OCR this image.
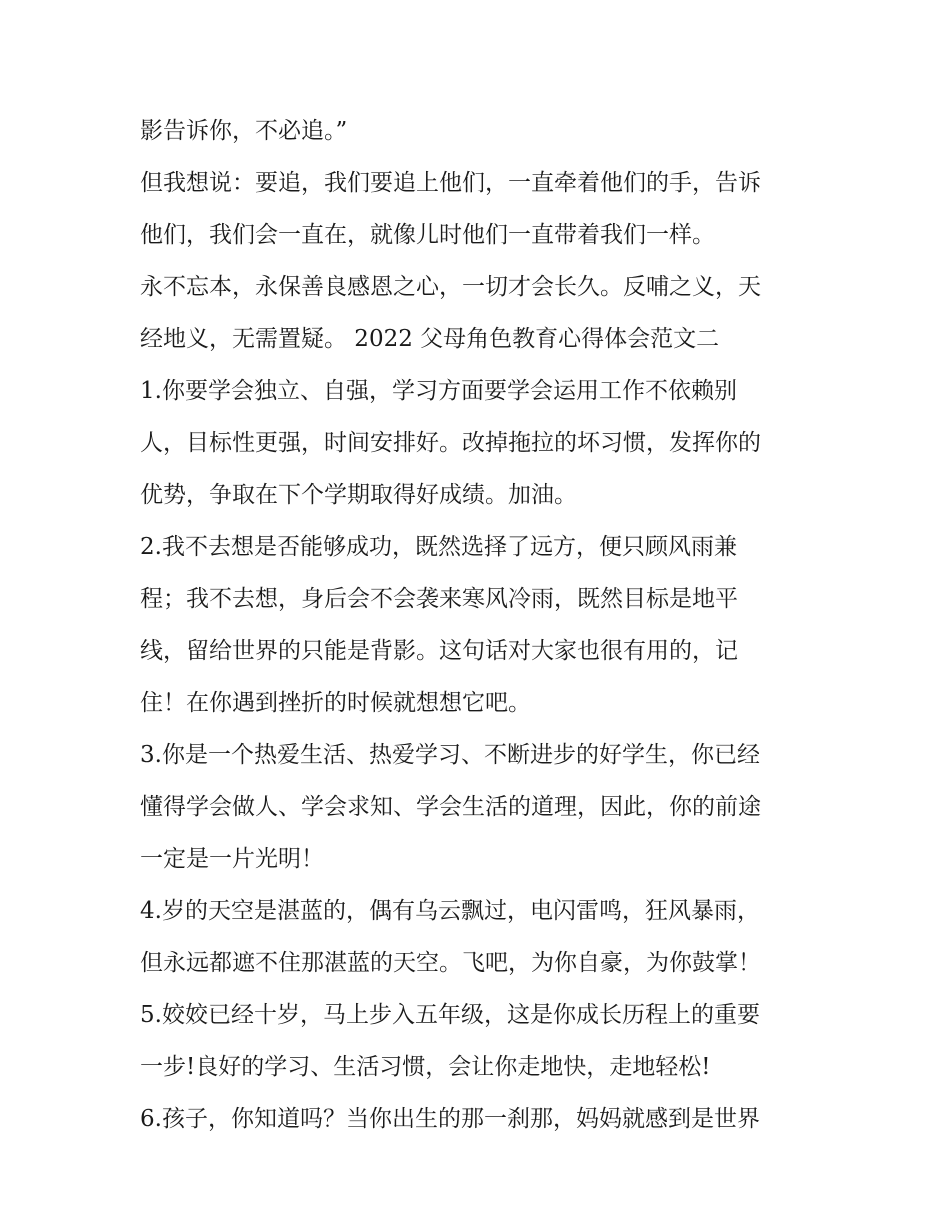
影告诉你，不必追。”
但我想说：要追，我们要追上他们，一直牵着他们的手，告诉
他们，我们会一直在，就像儿时他们一直带着我们一样。
永不忘本，永保善良感恩之心，一切才会长久。反哺之义，天
经地义，无需置疑。 2022 父母角色教育心得体会范文二
1.你要学会独立、自强，学习方面要学会运用工作不依赖别
人，目标性更强，时间安排好。改掉拖拉的坏习惯，发挥你的
优势，争取在下个学期取得好成绩。加油。
2.我不去想是否能够成功，既然选择了远方，便只顾风雨兼
程；我不去想，身后会不会袭来寒风冷雨，既然目标是地平
线，留给世界的只能是背影。这句话对大家也很有用的，记
住！在你遇到挫折的时候就想想它吧。
3.你是一个热爱生活、热爱学习、不断进步的好学生，你已经
懂得学会做人、学会求知、学会生活的道理，因此，你的前途
一定是一片光明！
4.岁的天空是湛蓝的，偶有乌云飘过，电闪雷鸣，狂风暴雨，
但永远都遮不住那湛蓝的天空。飞吧，为你自豪，为你鼓掌！
5.姣姣已经十岁，马上步入五年级，这是你成长历程上的重要
一步!良好的学习、生活习惯，会让你走地快，走地轻松!
6.孩子，你知道吗？当你出生的那一刹那，妈妈就感到是世界
